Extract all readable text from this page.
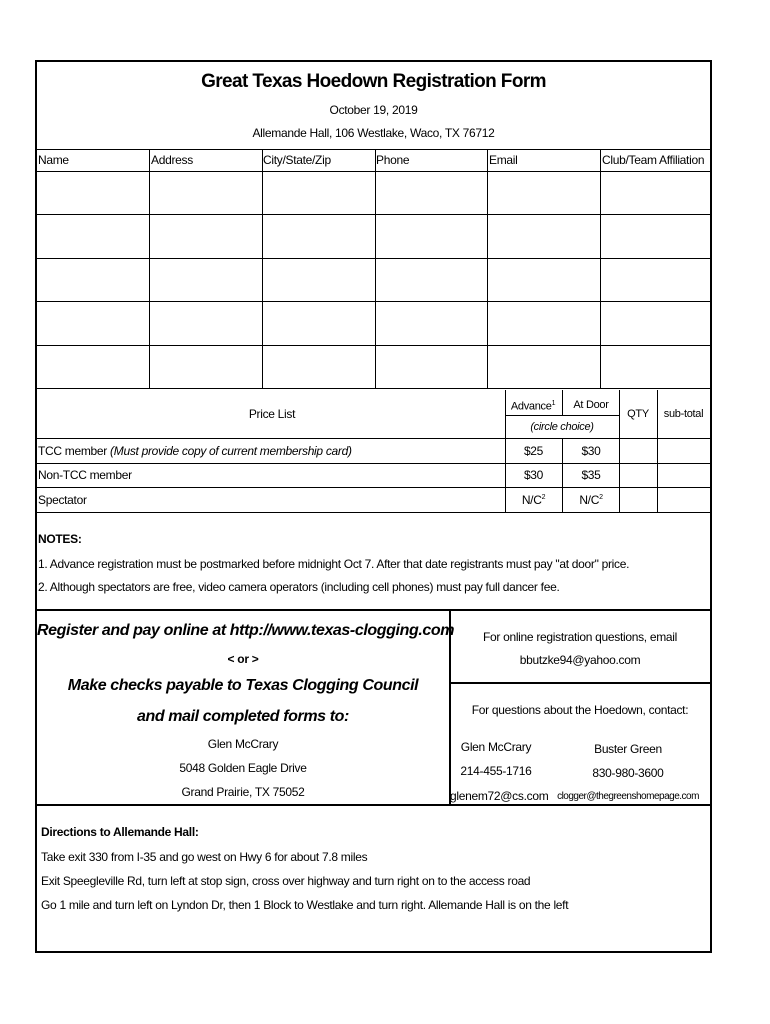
Great Texas Hoedown Registration Form
October 19, 2019
Allemande Hall, 106 Westlake, Waco, TX 76712
Name	Address	City/State/Zip	Phone	Email	Club/Team Affiliation
Price List
Advance$^1$	At Door
(circle choice)
QTY	sub-total
TCC member (Must provide copy of current membership card)	$25	$30
Non-TCC member	$30	$35
Spectator	$N/C^2$	$N/C^2$
NOTES:
1. Advance registration must be postmarked before midnight Oct 7. After that date registrants must pay "at door" price.
2. Although spectators are free, video camera operators (including cell phones) must pay full dancer fee.
Register and pay online at http://www.texas-clogging.com
< or >
Make checks payable to Texas Clogging Council
and mail completed forms to:
Glen McCrary
5048 Golden Eagle Drive
Grand Prairie, TX 75052
For online registration questions, email
bbutzke94@yahoo.com
For questions about the Hoedown, contact:
Glen McCrary
214-455-1716
glenem72@cs.com
Buster Green
830-980-3600
clogger@thegreenshomepage.com
Directions to Allemande Hall:
Take exit 330 from I-35 and go west on Hwy 6 for about 7.8 miles
Exit Speegleville Rd, turn left at stop sign, cross over highway and turn right on to the access road
Go 1 mile and turn left on Lyndon Dr, then 1 Block to Westlake and turn right. Allemande Hall is on the left
